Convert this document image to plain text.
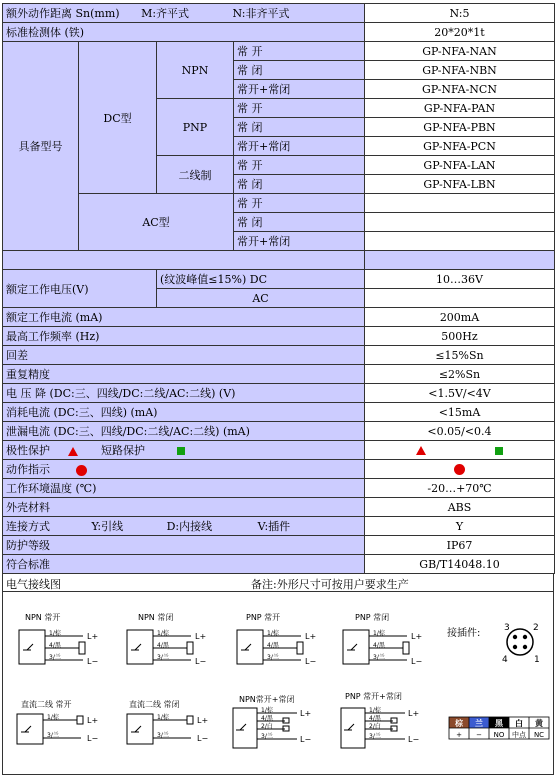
额外动作距离 Sn(mm) M:齐平式 N:非齐平式				N:5
标准检测体 (铁)				20*20*1t
具备型号	DC型	NPN	常 开	GP-NFA-NAN
			常 闭	GP-NFA-NBN
			常开+常闭	GP-NFA-NCN
		PNP	常 开	GP-NFA-PAN
			常 闭	GP-NFA-PBN
			常开+常闭	GP-NFA-PCN
		二线制	常 开	GP-NFA-LAN
			常 闭	GP-NFA-LBN
	AC型		常 开	
			常 闭	
			常开+常闭	

额定工作电压(V)		(纹波峰值≤15%) DC		10…36V
		AC		
额定工作电流 (mA)				200mA
最高工作频率 (Hz)				500Hz
回差				≤15%Sn
重复精度				≤2%Sn
电 压 降 (DC:三、四线/DC:二线/AC:二线) (V)				<1.5V/<4V
消耗电流 (DC:三、四线) (mA)				<15mA
泄漏电流 (DC:三、四线/DC:二线/AC:二线) (mA)				<0.05/<0.4
极性保护 短路保护				
动作指示				
工作环境温度 (℃)				-20…+70℃
外壳材料				ABS
连接方式 Y:引线 D:内接线 V:插件				Y
防护等级				IP67
符合标准				GB/T14048.10
电气接线图	备注:外形尺寸可按用户要求生产
NPN 常开	NPN 常闭	PNP 常开	PNP 常闭
接插件:
直流二线 常开	直流二线 常闭
NPN常开+常闭	PNP 常开+常闭
1/棕
4/黑
3/兰
L+
L−
1/棕
4/黑
3/兰
L+
L−
1/棕
4/黑
3/兰
L+
L−
1/棕
4/黑
3/兰
L+
L−
3	2
4	1
1/棕
3/兰
L+
L−
1/棕
3/兰
L+
L−
1/棕
4/黑
2/白
3/兰
L+
L−
1/棕
4/黑
2/白
3/兰
L+
L−
棕 兰 黑 白 黄
+ − NO 中点 NC
